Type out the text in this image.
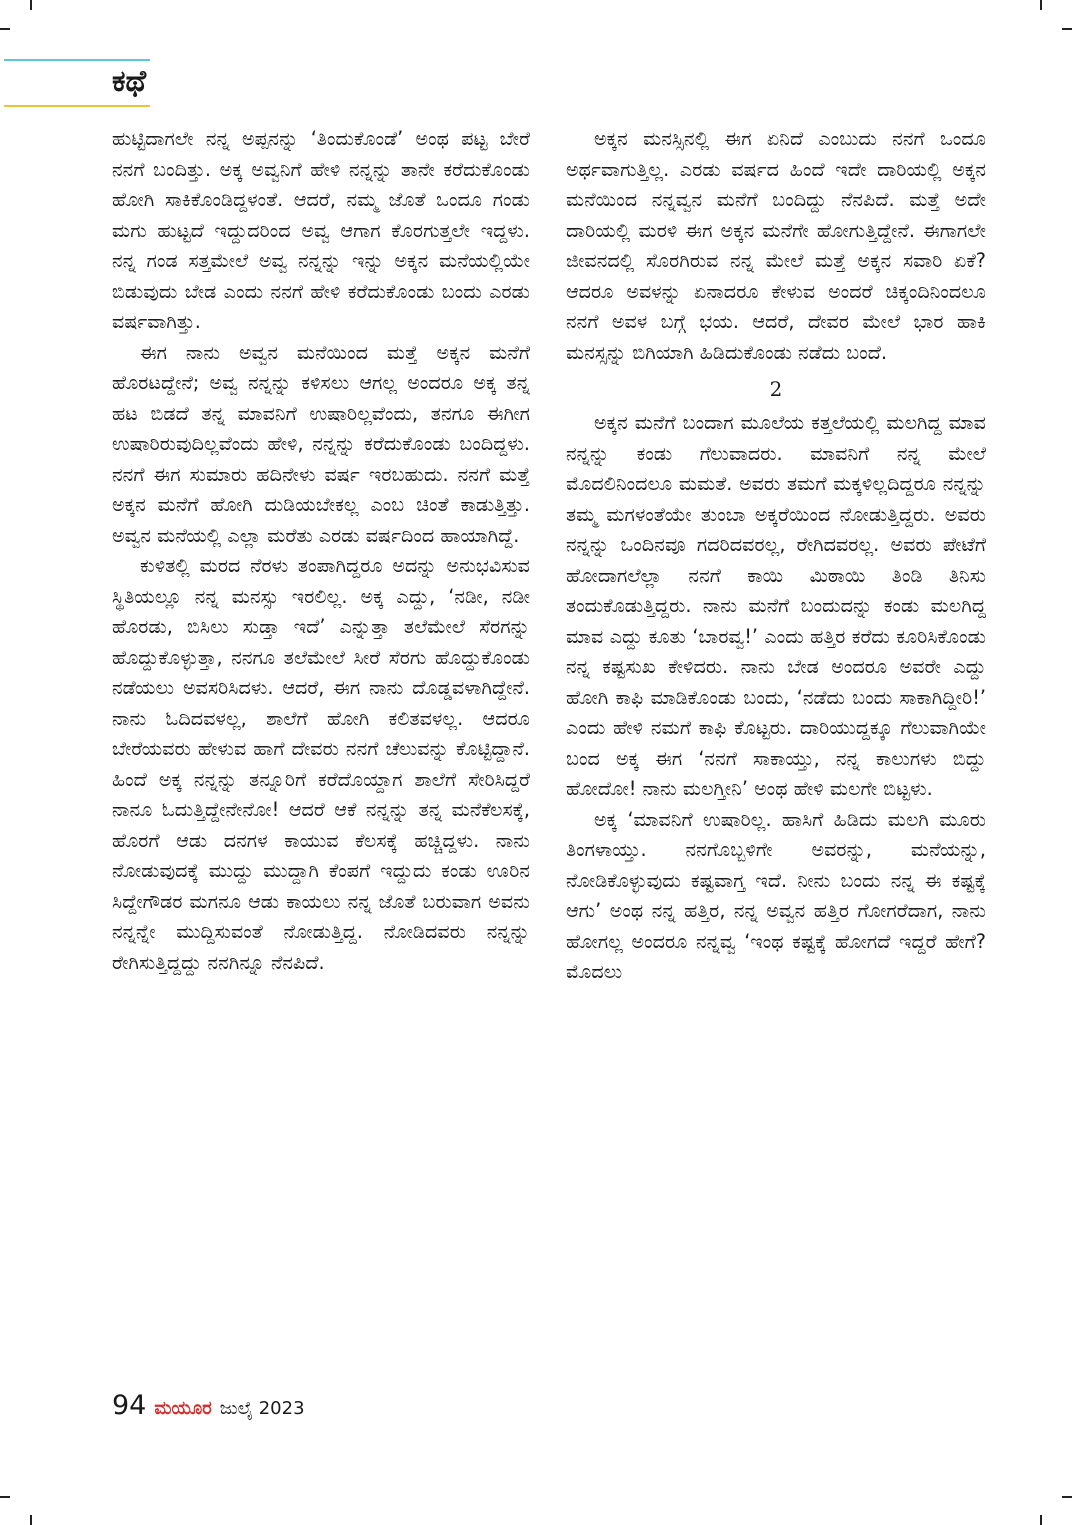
ಕಥೆ

ಹುಟ್ಟಿದಾಗಲೇ ನನ್ನ ಅಪ್ಪನನ್ನು ‘ತಿಂದುಕೊಂಡೆ’ ಅಂಥ ಪಟ್ಟ ಬೇರೆ ನನಗೆ ಬಂದಿತ್ತು. ಅಕ್ಕ ಅವ್ವನಿಗೆ ಹೇಳಿ ನನ್ನನ್ನು ತಾನೇ ಕರೆದುಕೊಂಡು ಹೋಗಿ ಸಾಕಿಕೊಂಡಿದ್ದಳಂತೆ. ಆದರೆ, ನಮ್ಮ ಜೊತೆ ಒಂದೂ ಗಂಡು ಮಗು ಹುಟ್ಟದೆ ಇದ್ದುದರಿಂದ ಅವ್ವ ಆಗಾಗ ಕೊರಗುತ್ತಲೇ ಇದ್ದಳು. ನನ್ನ ಗಂಡ ಸತ್ತಮೇಲೆ ಅವ್ವ ನನ್ನನ್ನು ಇನ್ನು ಅಕ್ಕನ ಮನೆಯಲ್ಲಿಯೇ ಬಿಡುವುದು ಬೇಡ ಎಂದು ನನಗೆ ಹೇಳಿ ಕರೆದುಕೊಂಡು ಬಂದು ಎರಡು ವರ್ಷವಾಗಿತ್ತು.

ಈಗ ನಾನು ಅವ್ವನ ಮನೆಯಿಂದ ಮತ್ತೆ ಅಕ್ಕನ ಮನೆಗೆ ಹೊರಟದ್ದೇನೆ; ಅವ್ವ ನನ್ನನ್ನು ಕಳಿಸಲು ಆಗಲ್ಲ ಅಂದರೂ ಅಕ್ಕ ತನ್ನ ಹಟ ಬಿಡದೆ ತನ್ನ ಮಾವನಿಗೆ ಉಷಾರಿಲ್ಲವೆಂದು, ತನಗೂ ಈಗೀಗ ಉಷಾರಿರುವುದಿಲ್ಲವೆಂದು ಹೇಳಿ, ನನ್ನನ್ನು ಕರೆದುಕೊಂಡು ಬಂದಿದ್ದಳು. ನನಗೆ ಈಗ ಸುಮಾರು ಹದಿನೇಳು ವರ್ಷ ಇರಬಹುದು. ನನಗೆ ಮತ್ತೆ ಅಕ್ಕನ ಮನೆಗೆ ಹೋಗಿ ದುಡಿಯಬೇಕಲ್ಲ ಎಂಬ ಚಿಂತೆ ಕಾಡುತ್ತಿತ್ತು. ಅವ್ವನ ಮನೆಯಲ್ಲಿ ಎಲ್ಲಾ ಮರೆತು ಎರಡು ವರ್ಷದಿಂದ ಹಾಯಾಗಿದ್ದೆ.

ಕುಳಿತಲ್ಲಿ ಮರದ ನೆರಳು ತಂಪಾಗಿದ್ದರೂ ಅದನ್ನು ಅನುಭವಿಸುವ ಸ್ಥಿತಿಯಲ್ಲೂ ನನ್ನ ಮನಸ್ಸು ಇರಲಿಲ್ಲ. ಅಕ್ಕ ಎದ್ದು, ‘ನಡೀ, ನಡೀ ಹೊರಡು, ಬಿಸಿಲು ಸುಡ್ತಾ ಇದೆ’ ಎನ್ನುತ್ತಾ ತಲೆಮೇಲೆ ಸೆರಗನ್ನು ಹೊದ್ದುಕೊಳ್ಳುತ್ತಾ, ನನಗೂ ತಲೆಮೇಲೆ ಸೀರೆ ಸೆರಗು ಹೊದ್ದುಕೊಂಡು ನಡೆಯಲು ಅವಸರಿಸಿದಳು. ಆದರೆ, ಈಗ ನಾನು ದೊಡ್ಡವಳಾಗಿದ್ದೇನೆ. ನಾನು ಓದಿದವಳಲ್ಲ, ಶಾಲೆಗೆ ಹೋಗಿ ಕಲಿತವಳಲ್ಲ. ಆದರೂ ಬೇರೆಯವರು ಹೇಳುವ ಹಾಗೆ ದೇವರು ನನಗೆ ಚೆಲುವನ್ನು ಕೊಟ್ಟಿದ್ದಾನೆ. ಹಿಂದೆ ಅಕ್ಕ ನನ್ನನ್ನು ತನ್ನೂರಿಗೆ ಕರೆದೊಯ್ದಾಗ ಶಾಲೆಗೆ ಸೇರಿಸಿದ್ದರೆ ನಾನೂ ಓದುತ್ತಿದ್ದೇನೇನೋ! ಆದರೆ ಆಕೆ ನನ್ನನ್ನು ತನ್ನ ಮನೆಕೆಲಸಕ್ಕೆ, ಹೊರಗೆ ಆಡು ದನಗಳ ಕಾಯುವ ಕೆಲಸಕ್ಕೆ ಹಚ್ಚಿದ್ದಳು. ನಾನು ನೋಡುವುದಕ್ಕೆ ಮುದ್ದು ಮುದ್ದಾಗಿ ಕೆಂಪಗೆ ಇದ್ದುದು ಕಂಡು ಊರಿನ ಸಿದ್ದೇಗೌಡರ ಮಗನೂ ಆಡು ಕಾಯಲು ನನ್ನ ಜೊತೆ ಬರುವಾಗ ಅವನು ನನ್ನನ್ನೇ ಮುದ್ದಿಸುವಂತೆ ನೋಡುತ್ತಿದ್ದ. ನೋಡಿದವರು ನನ್ನನ್ನು ರೇಗಿಸುತ್ತಿದ್ದದ್ದು ನನಗಿನ್ನೂ ನೆನಪಿದೆ.

ಅಕ್ಕನ ಮನಸ್ಸಿನಲ್ಲಿ ಈಗ ಏನಿದೆ ಎಂಬುದು ನನಗೆ ಒಂದೂ ಅರ್ಥವಾಗುತ್ತಿಲ್ಲ. ಎರಡು ವರ್ಷದ ಹಿಂದೆ ಇದೇ ದಾರಿಯಲ್ಲಿ ಅಕ್ಕನ ಮನೆಯಿಂದ ನನ್ನವ್ವನ ಮನೆಗೆ ಬಂದಿದ್ದು ನೆನಪಿದೆ. ಮತ್ತೆ ಅದೇ ದಾರಿಯಲ್ಲಿ ಮರಳಿ ಈಗ ಅಕ್ಕನ ಮನೆಗೇ ಹೋಗುತ್ತಿದ್ದೇನೆ. ಈಗಾಗಲೇ ಜೀವನದಲ್ಲಿ ಸೊರಗಿರುವ ನನ್ನ ಮೇಲೆ ಮತ್ತೆ ಅಕ್ಕನ ಸವಾರಿ ಏಕೆ? ಆದರೂ ಅವಳನ್ನು ಏನಾದರೂ ಕೇಳುವ ಅಂದರೆ ಚಿಕ್ಕಂದಿನಿಂದಲೂ ನನಗೆ ಅವಳ ಬಗ್ಗೆ ಭಯ. ಆದರೆ, ದೇವರ ಮೇಲೆ ಭಾರ ಹಾಕಿ ಮನಸ್ಸನ್ನು ಬಿಗಿಯಾಗಿ ಹಿಡಿದುಕೊಂಡು ನಡೆದು ಬಂದೆ.

2

ಅಕ್ಕನ ಮನೆಗೆ ಬಂದಾಗ ಮೂಲೆಯ ಕತ್ತಲೆಯಲ್ಲಿ ಮಲಗಿದ್ದ ಮಾವ ನನ್ನನ್ನು ಕಂಡು ಗೆಲುವಾದರು. ಮಾವನಿಗೆ ನನ್ನ ಮೇಲೆ ಮೊದಲಿನಿಂದಲೂ ಮಮತೆ. ಅವರು ತಮಗೆ ಮಕ್ಕಳಿಲ್ಲದಿದ್ದರೂ ನನ್ನನ್ನು ತಮ್ಮ ಮಗಳಂತೆಯೇ ತುಂಬಾ ಅಕ್ಕರೆಯಿಂದ ನೋಡುತ್ತಿದ್ದರು. ಅವರು ನನ್ನನ್ನು ಒಂದಿನವೂ ಗದರಿದವರಲ್ಲ, ರೇಗಿದವರಲ್ಲ. ಅವರು ಪೇಟೆಗೆ ಹೋದಾಗಲೆಲ್ಲಾ ನನಗೆ ಕಾಯಿ ಮಿಠಾಯಿ ತಿಂಡಿ ತಿನಿಸು ತಂದುಕೊಡುತ್ತಿದ್ದರು. ನಾನು ಮನೆಗೆ ಬಂದುದನ್ನು ಕಂಡು ಮಲಗಿದ್ದ ಮಾವ ಎದ್ದು ಕೂತು ‘ಬಾರವ್ವ!’ ಎಂದು ಹತ್ತಿರ ಕರೆದು ಕೂರಿಸಿಕೊಂಡು ನನ್ನ ಕಷ್ಟಸುಖ ಕೇಳಿದರು. ನಾನು ಬೇಡ ಅಂದರೂ ಅವರೇ ಎದ್ದು ಹೋಗಿ ಕಾಫಿ ಮಾಡಿಕೊಂಡು ಬಂದು, ‘ನಡೆದು ಬಂದು ಸಾಕಾಗಿದ್ದೀರಿ!’ ಎಂದು ಹೇಳಿ ನಮಗೆ ಕಾಫಿ ಕೊಟ್ಟರು. ದಾರಿಯುದ್ದಕ್ಕೂ ಗೆಲುವಾಗಿಯೇ ಬಂದ ಅಕ್ಕ ಈಗ ‘ನನಗೆ ಸಾಕಾಯ್ತು, ನನ್ನ ಕಾಲುಗಳು ಬಿದ್ದು ಹೋದೋ! ನಾನು ಮಲಗ್ತೀನಿ’ ಅಂಥ ಹೇಳಿ ಮಲಗೇ ಬಿಟ್ಟಳು.

ಅಕ್ಕ ‘ಮಾವನಿಗೆ ಉಷಾರಿಲ್ಲ. ಹಾಸಿಗೆ ಹಿಡಿದು ಮಲಗಿ ಮೂರು ತಿಂಗಳಾಯ್ತು. ನನಗೊಬ್ಬಳಿಗೇ ಅವರನ್ನು, ಮನೆಯನ್ನು, ನೋಡಿಕೊಳ್ಳುವುದು ಕಷ್ಟವಾಗ್ತ ಇದೆ. ನೀನು ಬಂದು ನನ್ನ ಈ ಕಷ್ಟಕ್ಕೆ ಆಗು’ ಅಂಥ ನನ್ನ ಹತ್ತಿರ, ನನ್ನ ಅವ್ವನ ಹತ್ತಿರ ಗೋಗರೆದಾಗ, ನಾನು ಹೋಗಲ್ಲ ಅಂದರೂ ನನ್ನವ್ವ ‘ಇಂಥ ಕಷ್ಟಕ್ಕೆ ಹೋಗದೆ ಇದ್ದರೆ ಹೇಗೆ? ಮೊದಲು

94 ಮಯೂರ ಜುಲೈ 2023
